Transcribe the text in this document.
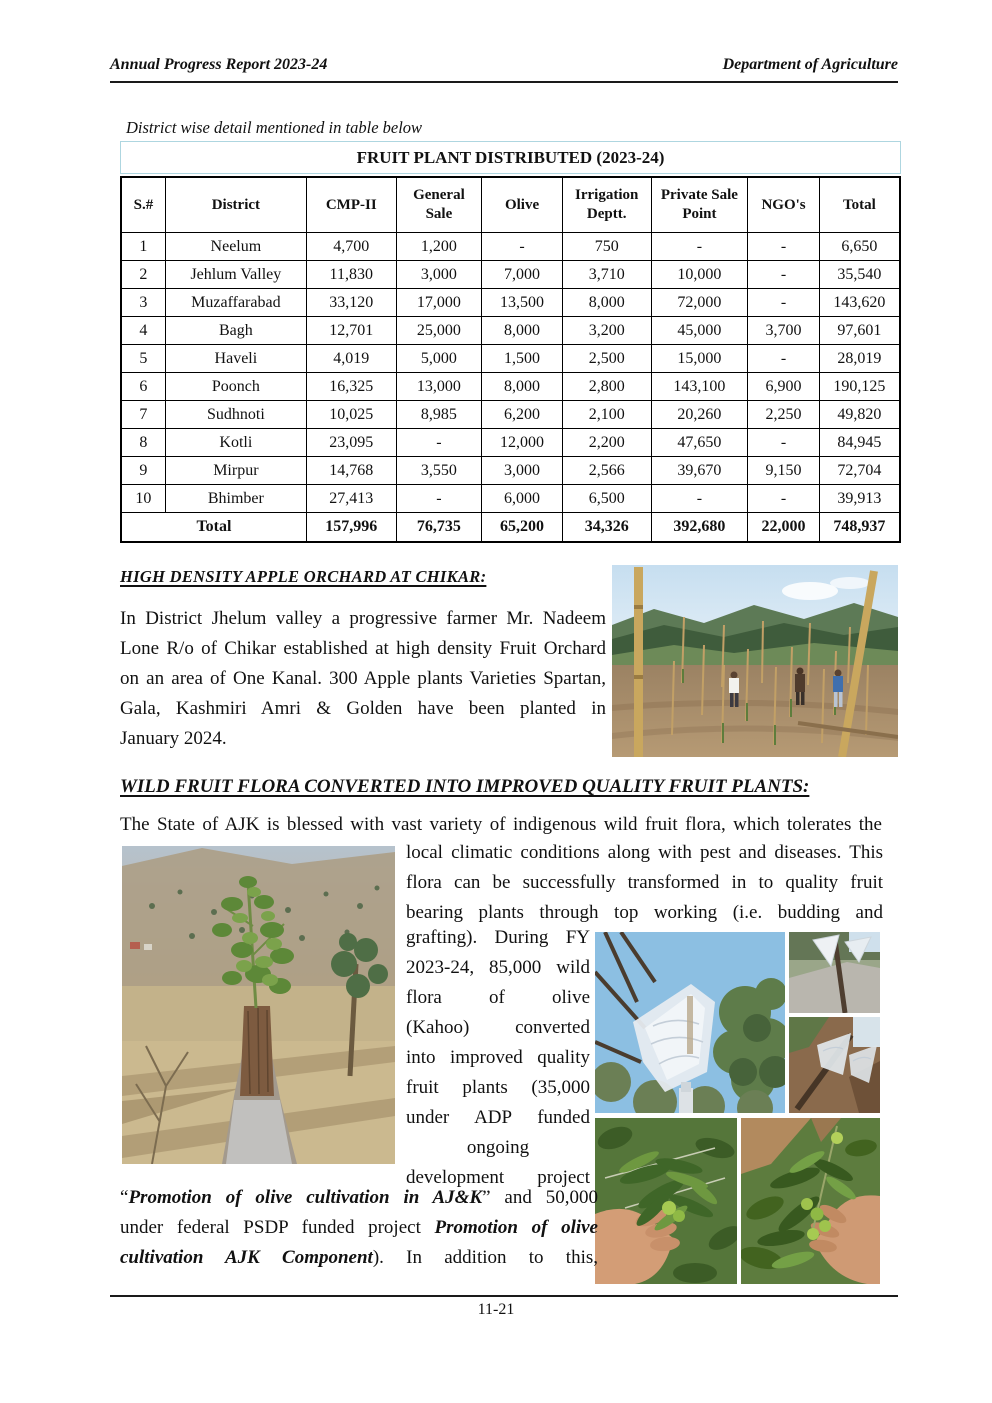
Annual Progress Report 2023-24	Department of Agriculture
District wise detail mentioned in table below
FRUIT PLANT DISTRIBUTED (2023-24)
S.#	District	CMP-II	General Sale	Olive	Irrigation Deptt.	Private Sale Point	NGO's	Total
1	Neelum	4,700	1,200	-	750	-	-	6,650
2	Jehlum Valley	11,830	3,000	7,000	3,710	10,000	-	35,540
3	Muzaffarabad	33,120	17,000	13,500	8,000	72,000	-	143,620
4	Bagh	12,701	25,000	8,000	3,200	45,000	3,700	97,601
5	Haveli	4,019	5,000	1,500	2,500	15,000	-	28,019
6	Poonch	16,325	13,000	8,000	2,800	143,100	6,900	190,125
7	Sudhnoti	10,025	8,985	6,200	2,100	20,260	2,250	49,820
8	Kotli	23,095	-	12,000	2,200	47,650	-	84,945
9	Mirpur	14,768	3,550	3,000	2,566	39,670	9,150	72,704
10	Bhimber	27,413	-	6,000	6,500	-	-	39,913
Total		157,996	76,735	65,200	34,326	392,680	22,000	748,937
HIGH DENSITY APPLE ORCHARD AT CHIKAR:
In District Jhelum valley a progressive farmer Mr. Nadeem
Lone R/o of Chikar established at high density Fruit Orchard
on an area of One Kanal. 300 Apple plants Varieties Spartan,
Gala, Kashmiri Amri & Golden have been planted in
January 2024.
WILD FRUIT FLORA CONVERTED INTO IMPROVED QUALITY FRUIT PLANTS:
The State of AJK is blessed with vast variety of indigenous wild fruit flora, which tolerates the
local climatic conditions along with pest and diseases. This
flora can be successfully transformed in to quality fruit
bearing plants through top working (i.e. budding and
grafting). During FY
2023-24, 85,000 wild
flora of olive
(Kahoo) converted
into improved quality
fruit plants (35,000
under ADP funded
ongoing
development project
“Promotion of olive cultivation in AJ&K” and 50,000
under federal PSDP funded project Promotion of olive
cultivation AJK Component). In addition to this,
11-21
